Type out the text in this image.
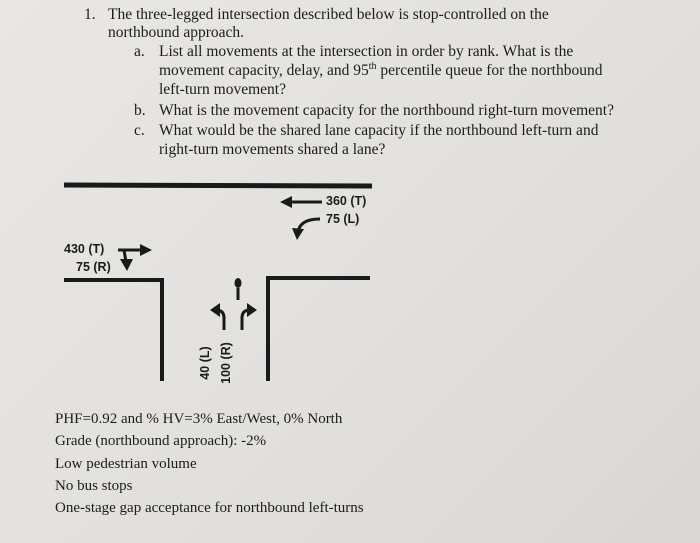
1. The three-legged intersection described below is stop-controlled on the
northbound approach.
a. List all movements at the intersection in order by rank. What is the
movement capacity, delay, and 95th percentile queue for the northbound
left-turn movement?
b. What is the movement capacity for the northbound right-turn movement?
c. What would be the shared lane capacity if the northbound left-turn and
right-turn movements shared a lane?
360 (T)
75 (L)
430 (T)
75 (R)
40 (L) 100 (R)
PHF=0.92 and % HV=3% East/West, 0% North
Grade (northbound approach): -2%
Low pedestrian volume
No bus stops
One-stage gap acceptance for northbound left-turns
